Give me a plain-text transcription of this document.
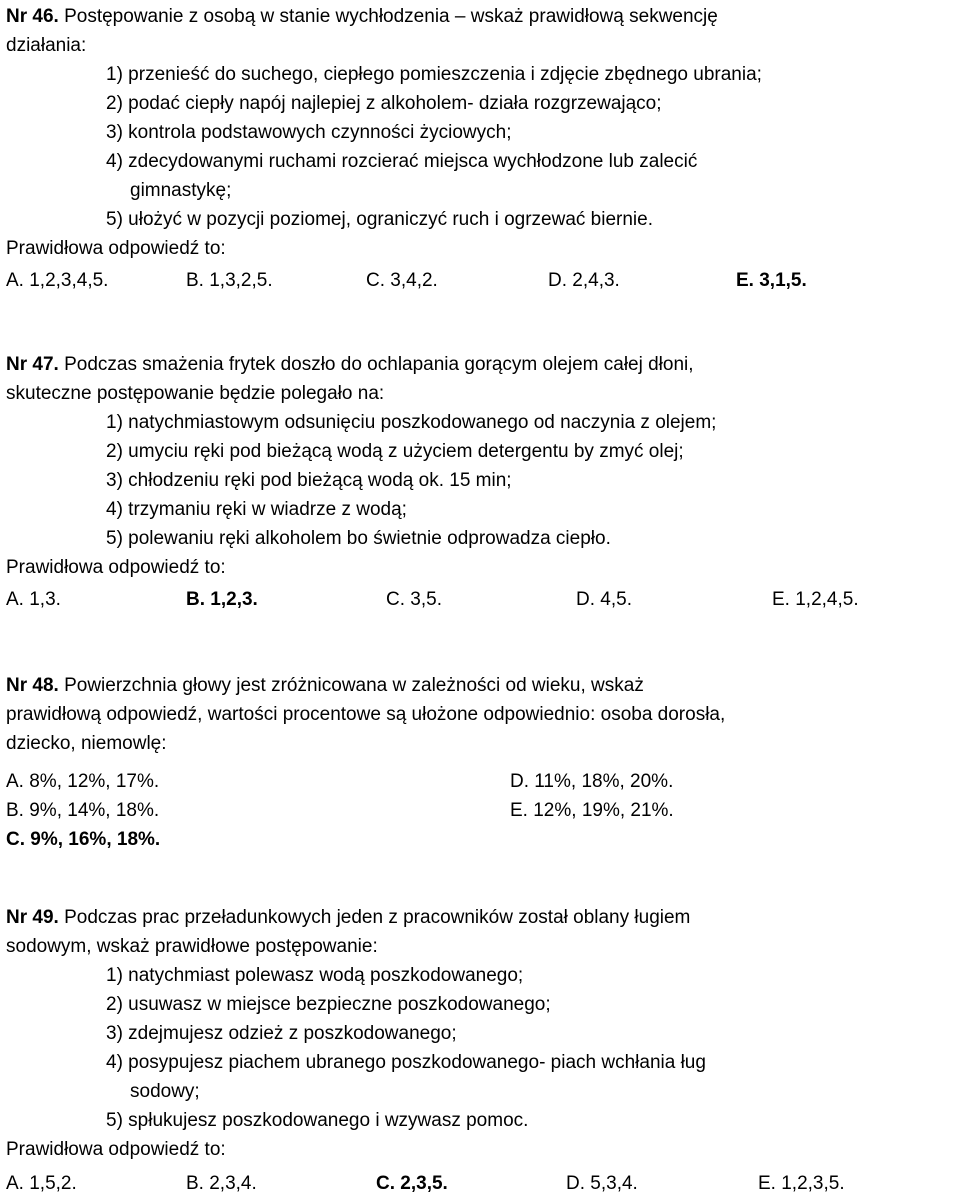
Nr 46. Postępowanie z osobą w stanie wychłodzenia – wskaż prawidłową sekwencję
działania:
1) przenieść do suchego, ciepłego pomieszczenia i zdjęcie zbędnego ubrania;
2) podać ciepły napój najlepiej z alkoholem- działa rozgrzewająco;
3) kontrola podstawowych czynności życiowych;
4) zdecydowanymi ruchami rozcierać miejsca wychłodzone lub zalecić
gimnastykę;
5) ułożyć w pozycji poziomej, ograniczyć ruch i ogrzewać biernie.
Prawidłowa odpowiedź to:
A. 1,2,3,4,5.	B. 1,3,2,5.	C. 3,4,2.	D. 2,4,3.	E. 3,1,5.
Nr 47. Podczas smażenia frytek doszło do ochlapania gorącym olejem całej dłoni,
skuteczne postępowanie będzie polegało na:
1) natychmiastowym odsunięciu poszkodowanego od naczynia z olejem;
2) umyciu ręki pod bieżącą wodą z użyciem detergentu by zmyć olej;
3) chłodzeniu ręki pod bieżącą wodą ok. 15 min;
4) trzymaniu ręki w wiadrze z wodą;
5) polewaniu ręki alkoholem bo świetnie odprowadza ciepło.
Prawidłowa odpowiedź to:
A. 1,3.	B. 1,2,3.	C. 3,5.	D. 4,5.	E. 1,2,4,5.
Nr 48. Powierzchnia głowy jest zróżnicowana w zależności od wieku, wskaż
prawidłową odpowiedź, wartości procentowe są ułożone odpowiednio: osoba dorosła,
dziecko, niemowlę:
A. 8%, 12%, 17%.
B. 9%, 14%, 18%.
C. 9%, 16%, 18%.
D. 11%, 18%, 20%.
E. 12%, 19%, 21%.
Nr 49. Podczas prac przeładunkowych jeden z pracowników został oblany ługiem
sodowym, wskaż prawidłowe postępowanie:
1) natychmiast polewasz wodą poszkodowanego;
2) usuwasz w miejsce bezpieczne poszkodowanego;
3) zdejmujesz odzież z poszkodowanego;
4) posypujesz piachem ubranego poszkodowanego- piach wchłania ług
sodowy;
5) spłukujesz poszkodowanego i wzywasz pomoc.
Prawidłowa odpowiedź to:
A. 1,5,2.	B. 2,3,4.	C. 2,3,5.	D. 5,3,4.	E. 1,2,3,5.
